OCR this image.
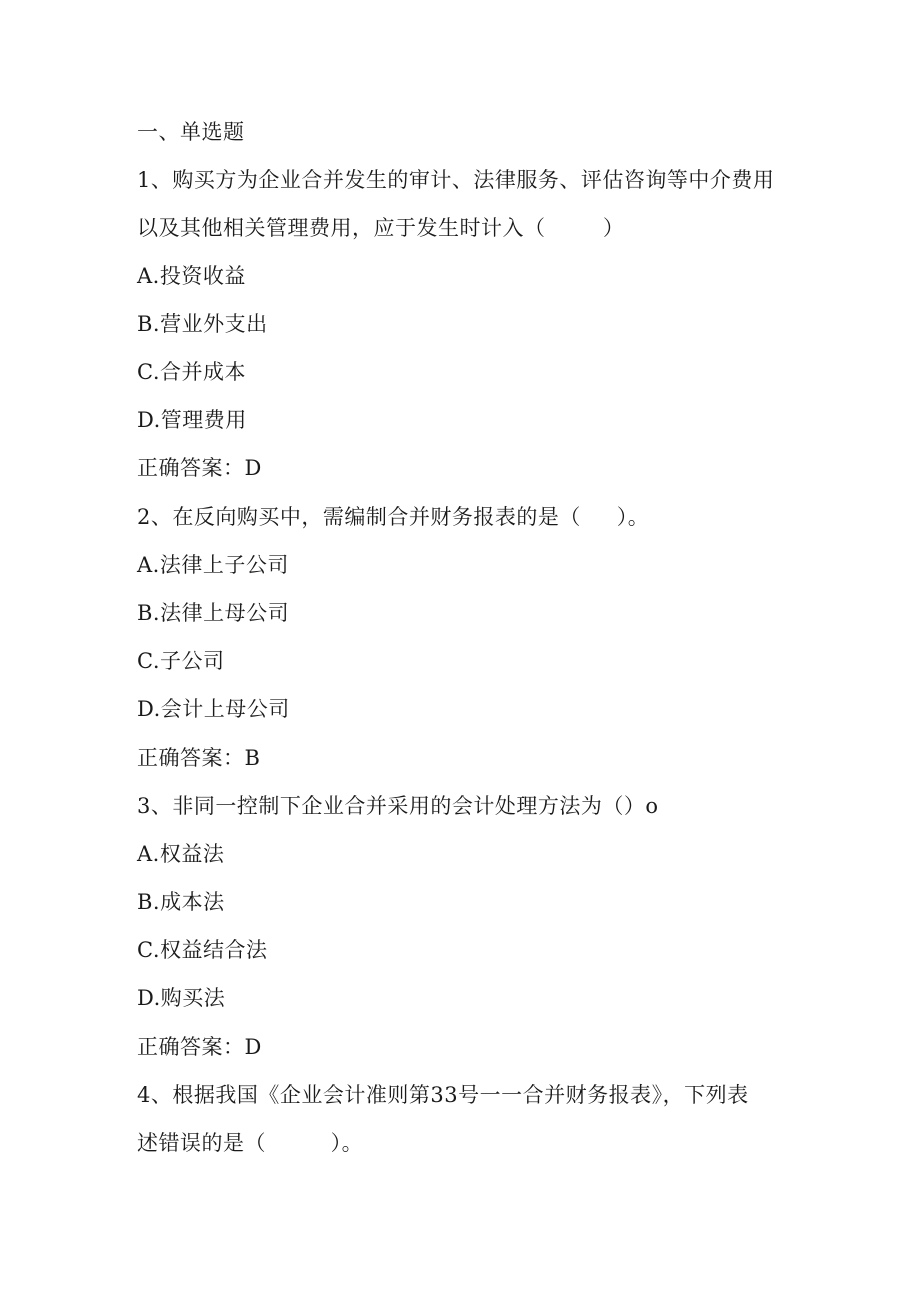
一、单选题
1、购买方为企业合并发生的审计、法律服务、评估咨询等中介费用
以及其他相关管理费用，应于发生时计入（        ）
A.投资收益
B.营业外支出
C.合并成本
D.管理费用
正确答案：D
2、在反向购买中，需编制合并财务报表的是（     ）。
A.法律上子公司
B.法律上母公司
C.子公司
D.会计上母公司
正确答案：B
3、非同一控制下企业合并采用的会计处理方法为（）o
A.权益法
B.成本法
C.权益结合法
D.购买法
正确答案：D
4、根据我国《企业会计准则第33号一一合并财务报表》，下列表
述错误的是（         ）。
